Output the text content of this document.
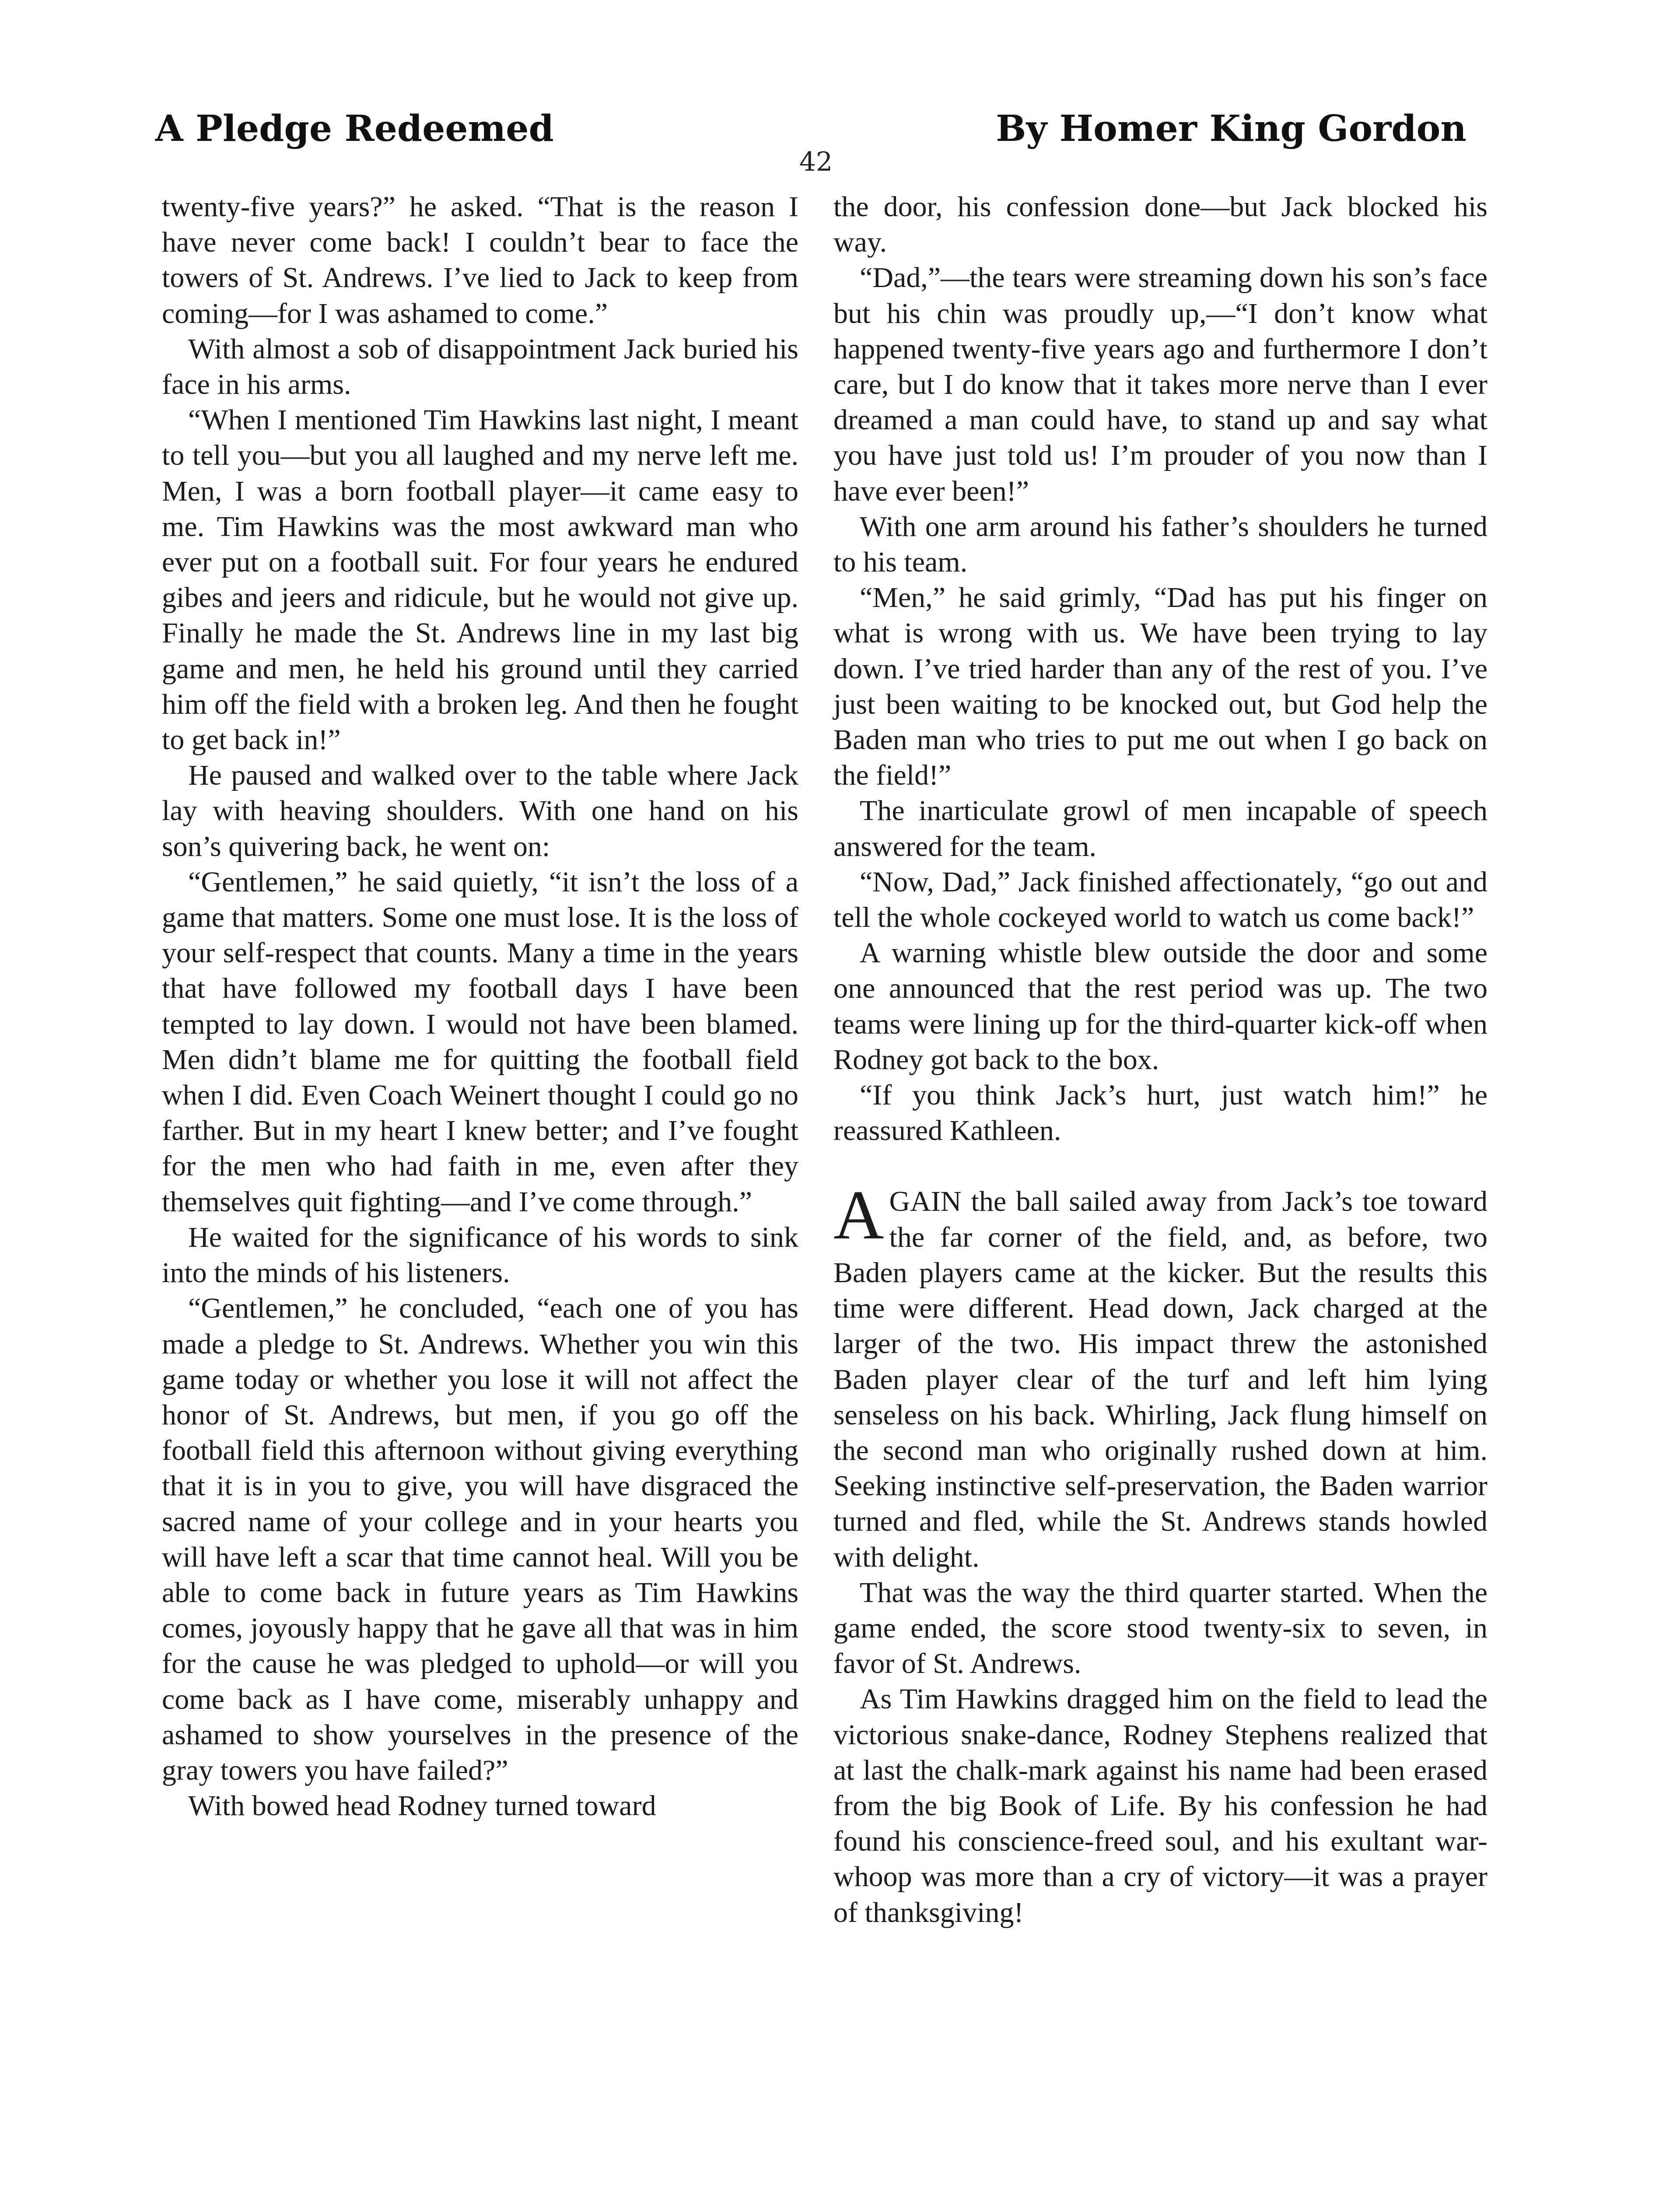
A Pledge Redeemed	By Homer King Gordon
42

twenty-five years?” he asked. “That is the reason I have never come back! I couldn’t bear to face the towers of St. Andrews. I’ve lied to Jack to keep from coming—for I was ashamed to come.”

With almost a sob of disappointment Jack buried his face in his arms.

“When I mentioned Tim Hawkins last night, I meant to tell you—but you all laughed and my nerve left me. Men, I was a born football player—it came easy to me. Tim Hawkins was the most awkward man who ever put on a football suit. For four years he endured gibes and jeers and ridicule, but he would not give up. Finally he made the St. Andrews line in my last big game and men, he held his ground until they carried him off the field with a broken leg. And then he fought to get back in!”

He paused and walked over to the table where Jack lay with heaving shoulders. With one hand on his son’s quivering back, he went on:

“Gentlemen,” he said quietly, “it isn’t the loss of a game that matters. Some one must lose. It is the loss of your self-respect that counts. Many a time in the years that have followed my football days I have been tempted to lay down. I would not have been blamed. Men didn’t blame me for quitting the football field when I did. Even Coach Weinert thought I could go no farther. But in my heart I knew better; and I’ve fought for the men who had faith in me, even after they themselves quit fighting—and I’ve come through.”

He waited for the significance of his words to sink into the minds of his listeners.

“Gentlemen,” he concluded, “each one of you has made a pledge to St. Andrews. Whether you win this game today or whether you lose it will not affect the honor of St. Andrews, but men, if you go off the football field this afternoon without giving everything that it is in you to give, you will have disgraced the sacred name of your college and in your hearts you will have left a scar that time cannot heal. Will you be able to come back in future years as Tim Hawkins comes, joyously happy that he gave all that was in him for the cause he was pledged to uphold—or will you come back as I have come, miserably unhappy and ashamed to show yourselves in the presence of the gray towers you have failed?”

With bowed head Rodney turned toward

the door, his confession done—but Jack blocked his way.

“Dad,”—the tears were streaming down his son’s face but his chin was proudly up,—“I don’t know what happened twenty-five years ago and furthermore I don’t care, but I do know that it takes more nerve than I ever dreamed a man could have, to stand up and say what you have just told us! I’m prouder of you now than I have ever been!”

With one arm around his father’s shoulders he turned to his team.

“Men,” he said grimly, “Dad has put his finger on what is wrong with us. We have been trying to lay down. I’ve tried harder than any of the rest of you. I’ve just been waiting to be knocked out, but God help the Baden man who tries to put me out when I go back on the field!”

The inarticulate growl of men incapable of speech answered for the team.

“Now, Dad,” Jack finished affectionately, “go out and tell the whole cockeyed world to watch us come back!”

A warning whistle blew outside the door and some one announced that the rest period was up. The two teams were lining up for the third-quarter kick-off when Rodney got back to the box.

“If you think Jack’s hurt, just watch him!” he reassured Kathleen.

AGAIN the ball sailed away from Jack’s toe toward the far corner of the field, and, as before, two Baden players came at the kicker. But the results this time were different. Head down, Jack charged at the larger of the two. His impact threw the astonished Baden player clear of the turf and left him lying senseless on his back. Whirling, Jack flung himself on the second man who originally rushed down at him. Seeking instinctive self-preservation, the Baden warrior turned and fled, while the St. Andrews stands howled with delight.

That was the way the third quarter started. When the game ended, the score stood twenty-six to seven, in favor of St. Andrews.

As Tim Hawkins dragged him on the field to lead the victorious snake-dance, Rodney Stephens realized that at last the chalk-mark against his name had been erased from the big Book of Life. By his confession he had found his conscience-freed soul, and his exultant war-whoop was more than a cry of victory—it was a prayer of thanksgiving!
